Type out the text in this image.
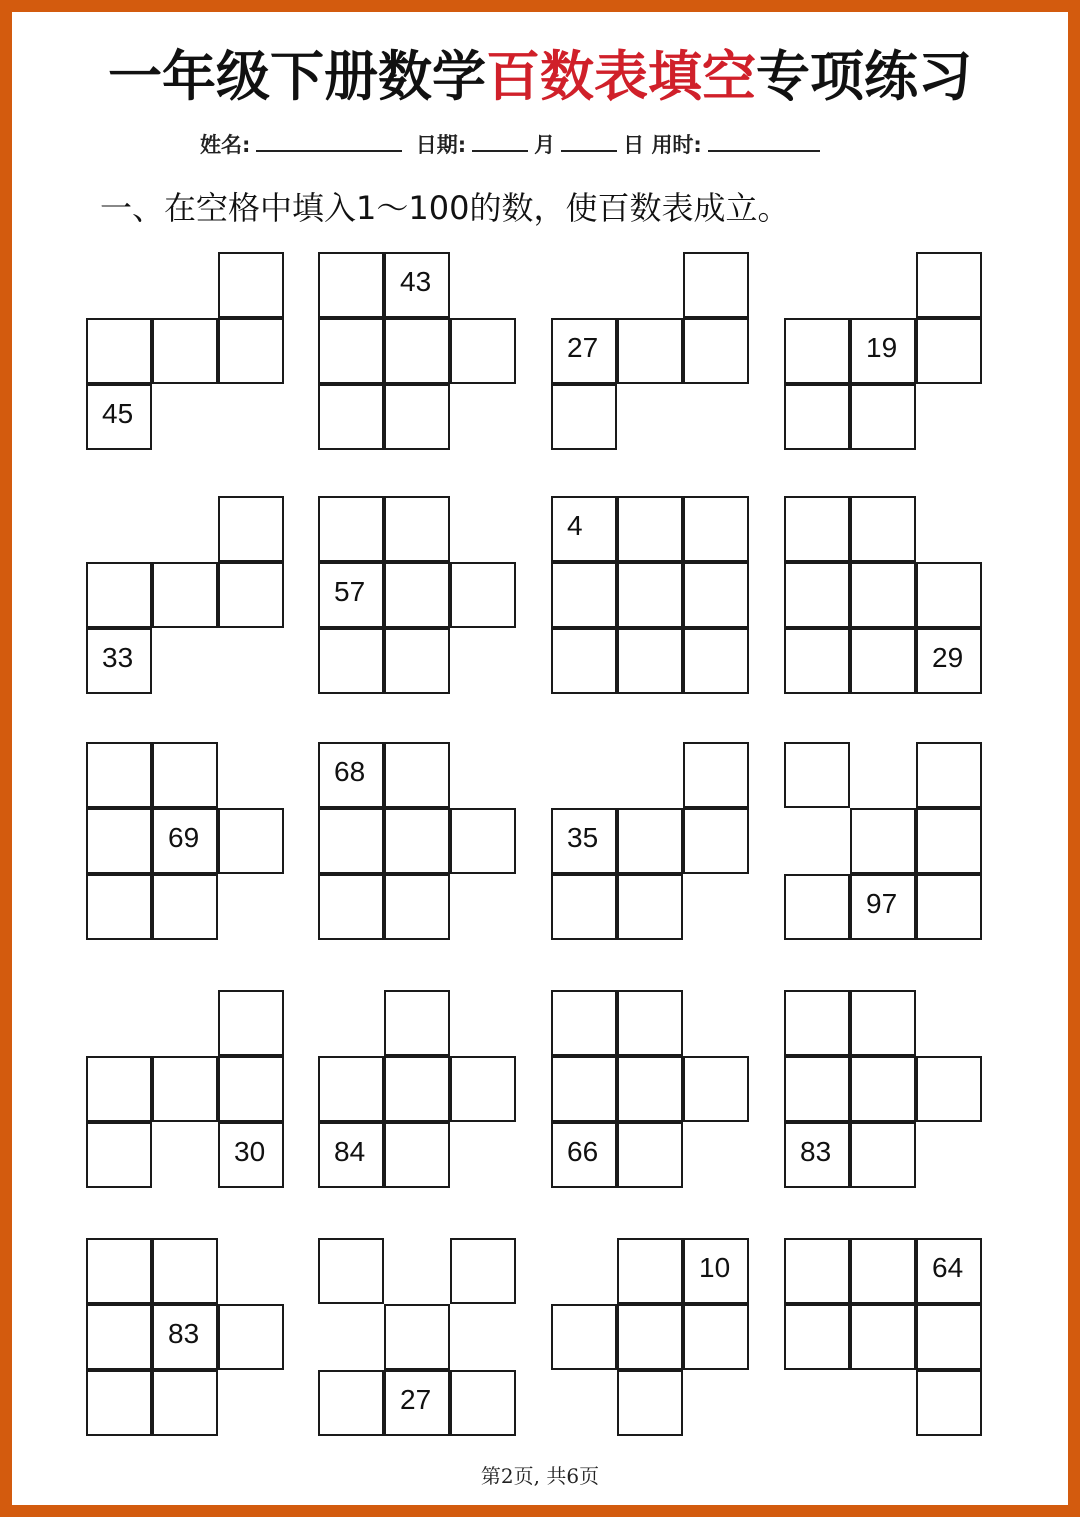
一年级下册数学百数表填空专项练习
姓名:	日期:	月	日 用时:
一、在空格中填入1～100的数，使百数表成立。
45
43
27	19
33
57
4
29
69
68
35
97
30 84	66	83
83
27
10	64
第2页, 共6页
